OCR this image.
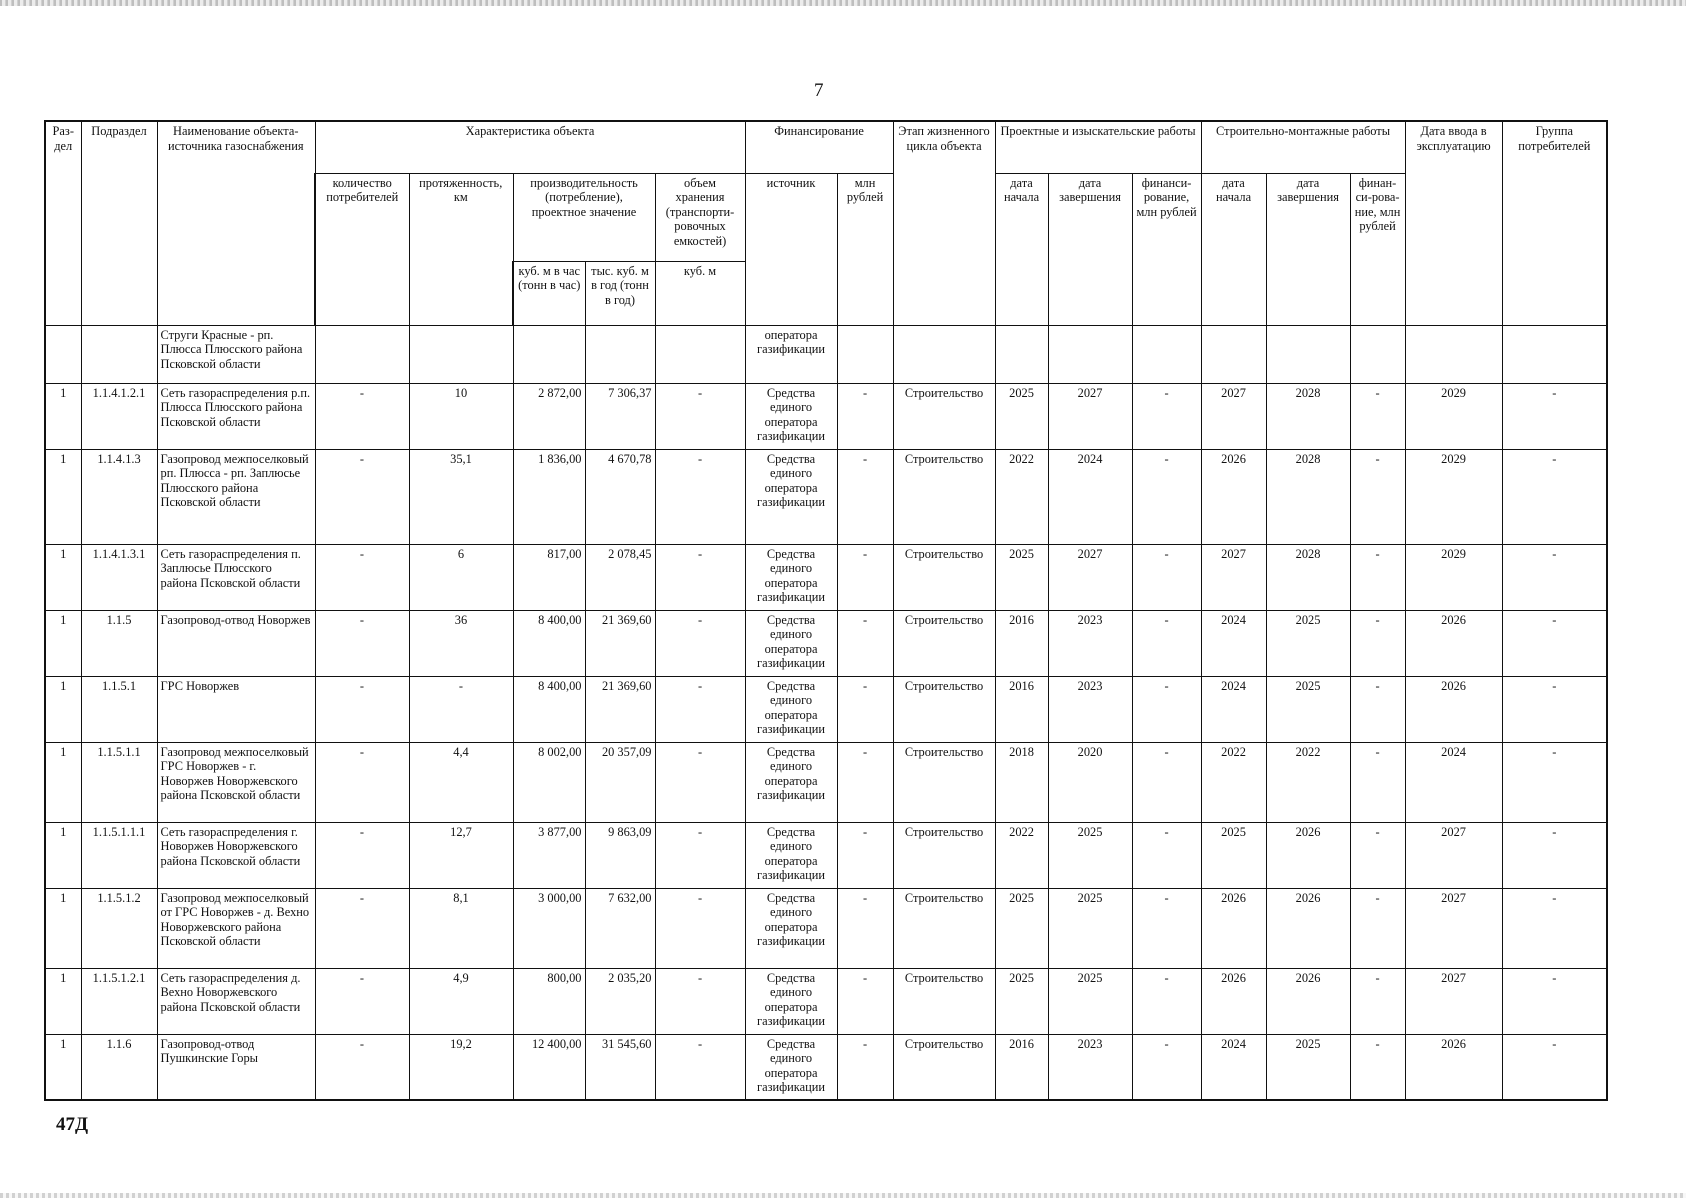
7
Раз-дел	Подраздел	Наименование объекта-источника газоснабжения	Характеристика объекта					Финансирование		Этап жизненного цикла объекта	Проектные и изыскательские работы			Строительно-монтажные работы			Дата ввода в эксплуатацию	Группа потребителей
			количество потребителей	протяженность, км	производительность (потребление), проектное значение		объем хранения (транспорти-ровочных емкостей)	источник	млн рублей		дата начала	дата завершения	финанси-рование, млн рублей	дата начала	дата завершения	финан-си-рова-ние, млн рублей		
					куб. м в час (тонн в час)	тыс. куб. м в год (тонн в год)	куб. м											
		Струги Красные - рп. Плюсса Плюсского района Псковской области						оператора газификации										
1	1.1.4.1.2.1	Сеть газораспределения р.п. Плюсса Плюсского района Псковской области	-	10	2 872,00	7 306,37	-	Средства единого оператора газификации	-	Строительство	2025	2027	-	2027	2028	-	2029	-
1	1.1.4.1.3	Газопровод межпоселковый рп. Плюсса - рп. Заплюсье Плюсского района Псковской области	-	35,1	1 836,00	4 670,78	-	Средства единого оператора газификации	-	Строительство	2022	2024	-	2026	2028	-	2029	-
1	1.1.4.1.3.1	Сеть газораспределения п. Заплюсье Плюсского района Псковской области	-	6	817,00	2 078,45	-	Средства единого оператора газификации	-	Строительство	2025	2027	-	2027	2028	-	2029	-
1	1.1.5	Газопровод-отвод Новоржев	-	36	8 400,00	21 369,60	-	Средства единого оператора газификации	-	Строительство	2016	2023	-	2024	2025	-	2026	-
1	1.1.5.1	ГРС Новоржев	-	-	8 400,00	21 369,60	-	Средства единого оператора газификации	-	Строительство	2016	2023	-	2024	2025	-	2026	-
1	1.1.5.1.1	Газопровод межпоселковый ГРС Новоржев - г. Новоржев Новоржевского района Псковской области	-	4,4	8 002,00	20 357,09	-	Средства единого оператора газификации	-	Строительство	2018	2020	-	2022	2022	-	2024	-
1	1.1.5.1.1.1	Сеть газораспределения г. Новоржев Новоржевского района Псковской области	-	12,7	3 877,00	9 863,09	-	Средства единого оператора газификации	-	Строительство	2022	2025	-	2025	2026	-	2027	-
1	1.1.5.1.2	Газопровод межпоселковый от ГРС Новоржев - д. Вехно Новоржевского района Псковской области	-	8,1	3 000,00	7 632,00	-	Средства единого оператора газификации	-	Строительство	2025	2025	-	2026	2026	-	2027	-
1	1.1.5.1.2.1	Сеть газораспределения д. Вехно Новоржевского района Псковской области	-	4,9	800,00	2 035,20	-	Средства единого оператора газификации	-	Строительство	2025	2025	-	2026	2026	-	2027	-
1	1.1.6	Газопровод-отвод Пушкинские Горы	-	19,2	12 400,00	31 545,60	-	Средства единого оператора газификации	-	Строительство	2016	2023	-	2024	2025	-	2026	-
47Д
